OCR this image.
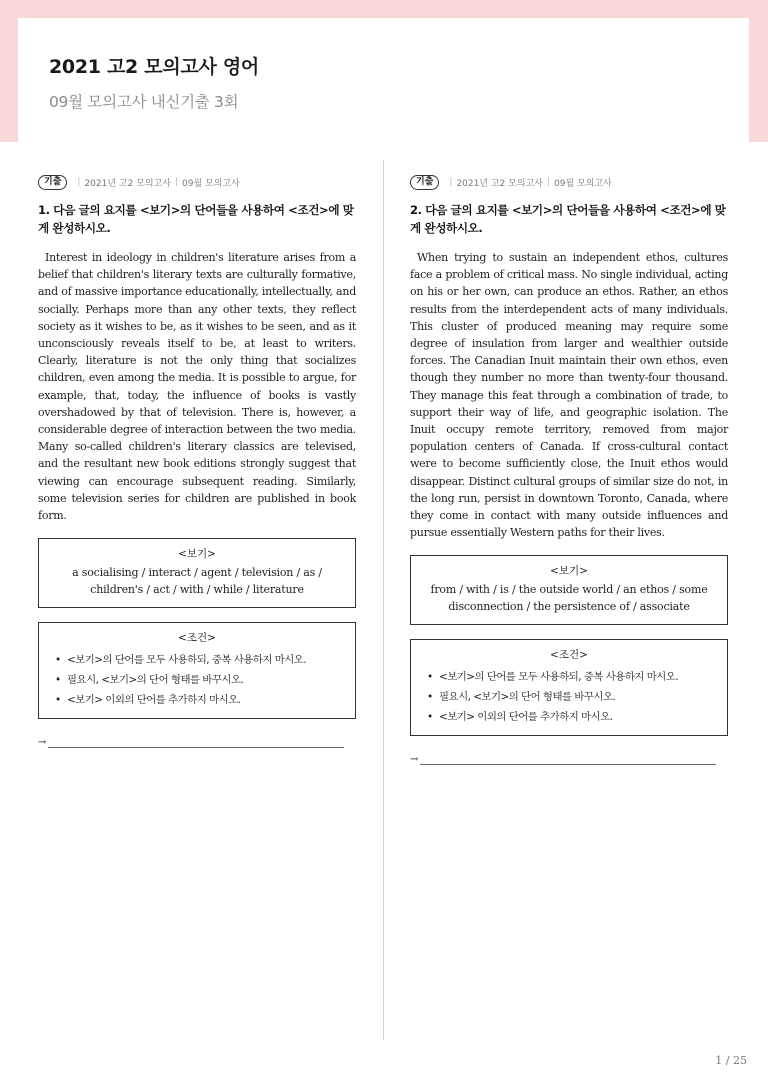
2021 고2 모의고사 영어
09월 모의고사 내신기출 3회
기출	| 2021년 고2 모의고사 | 09월 모의고사
1. 다음 글의 요지를 <보기>의 단어들을 사용하여 <조건>에 맞게 완성하시오.
Interest in ideology in children's literature arises from a belief that children's literary texts are culturally formative, and of massive importance educationally, intellectually, and socially. Perhaps more than any other texts, they reflect society as it wishes to be, as it wishes to be seen, and as it unconsciously reveals itself to be, at least to writers. Clearly, literature is not the only thing that socializes children, even among the media. It is possible to argue, for example, that, today, the influence of books is vastly overshadowed by that of television. There is, however, a considerable degree of interaction between the two media. Many so-called children's literary classics are televised, and the resultant new book editions strongly suggest that viewing can encourage subsequent reading. Similarly, some television series for children are published in book form.
<보기>
a socialising / interact / agent / television / as / children's / act / with / while / literature
<조건>
• <보기>의 단어를 모두 사용하되, 중복 사용하지 마시오.
• 필요시, <보기>의 단어 형태를 바꾸시오.
• <보기> 이외의 단어를 추가하지 마시오.
→
기출	| 2021년 고2 모의고사 | 09월 모의고사
2. 다음 글의 요지를 <보기>의 단어들을 사용하여 <조건>에 맞게 완성하시오.
When trying to sustain an independent ethos, cultures face a problem of critical mass. No single individual, acting on his or her own, can produce an ethos. Rather, an ethos results from the interdependent acts of many individuals. This cluster of produced meaning may require some degree of insulation from larger and wealthier outside forces. The Canadian Inuit maintain their own ethos, even though they number no more than twenty-four thousand. They manage this feat through a combination of trade, to support their way of life, and geographic isolation. The Inuit occupy remote territory, removed from major population centers of Canada. If cross-cultural contact were to become sufficiently close, the Inuit ethos would disappear. Distinct cultural groups of similar size do not, in the long run, persist in downtown Toronto, Canada, where they come in contact with many outside influences and pursue essentially Western paths for their lives.
<보기>
from / with / is / the outside world / an ethos / some disconnection / the persistence of / associate
<조건>
• <보기>의 단어를 모두 사용하되, 중복 사용하지 마시오.
• 필요시, <보기>의 단어 형태를 바꾸시오.
• <보기> 이외의 단어를 추가하지 마시오.
→
1 / 25
